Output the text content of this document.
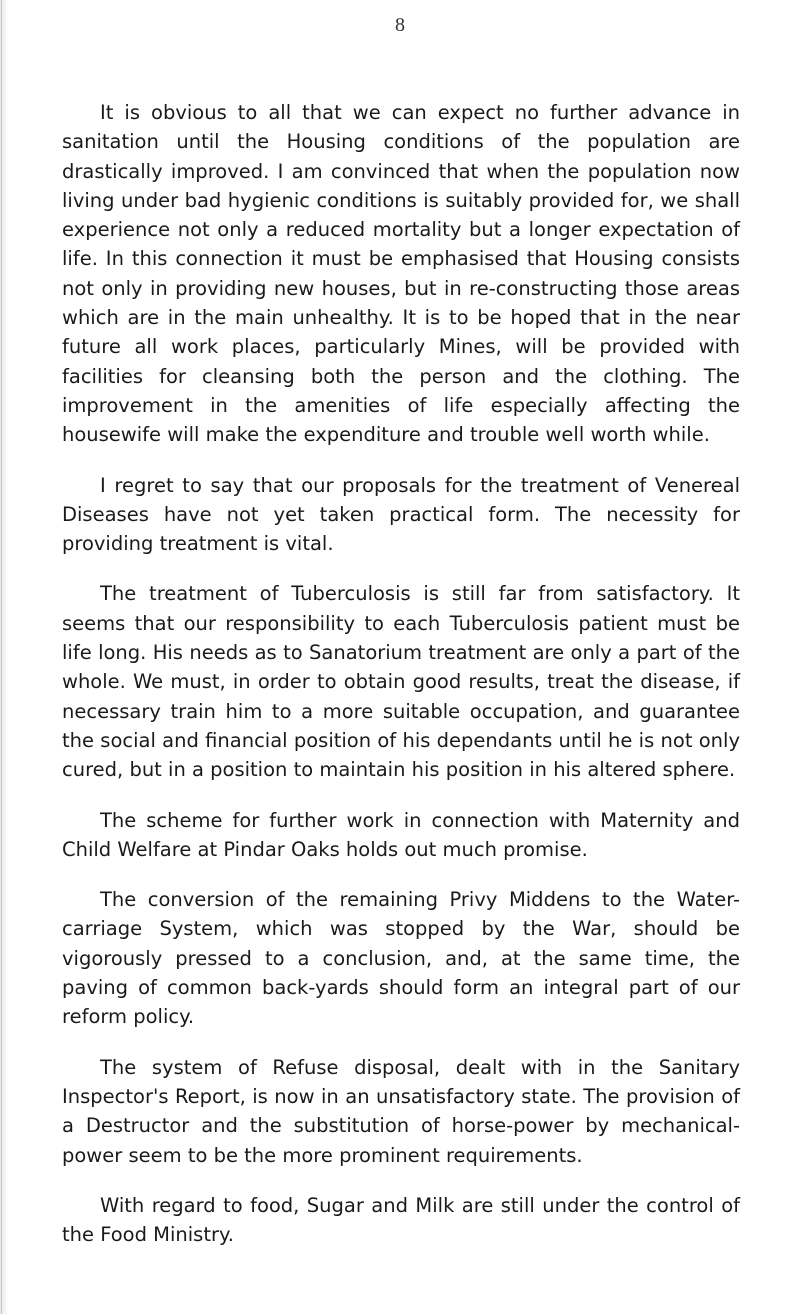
8

It is obvious to all that we can expect no further advance in sanitation until the Housing conditions of the population are drastically improved. I am convinced that when the population now living under bad hygienic conditions is suitably provided for, we shall experience not only a reduced mortality but a longer expectation of life. In this connection it must be emphasised that Housing consists not only in providing new houses, but in re-constructing those areas which are in the main unhealthy. It is to be hoped that in the near future all work places, particularly Mines, will be provided with facilities for cleansing both the person and the clothing. The improvement in the amenities of life especially affecting the housewife will make the expenditure and trouble well worth while.

I regret to say that our proposals for the treatment of Venereal Diseases have not yet taken practical form. The necessity for providing treatment is vital.

The treatment of Tuberculosis is still far from satisfactory. It seems that our responsibility to each Tuberculosis patient must be life long. His needs as to Sanatorium treatment are only a part of the whole. We must, in order to obtain good results, treat the disease, if necessary train him to a more suitable occupation, and guarantee the social and financial position of his dependants until he is not only cured, but in a position to maintain his position in his altered sphere.

The scheme for further work in connection with Maternity and Child Welfare at Pindar Oaks holds out much promise.

The conversion of the remaining Privy Middens to the Water-carriage System, which was stopped by the War, should be vigorously pressed to a conclusion, and, at the same time, the paving of common back-yards should form an integral part of our reform policy.

The system of Refuse disposal, dealt with in the Sanitary Inspector's Report, is now in an unsatisfactory state. The provision of a Destructor and the substitution of horse-power by mechanical-power seem to be the more prominent requirements.

With regard to food, Sugar and Milk are still under the control of the Food Ministry.
